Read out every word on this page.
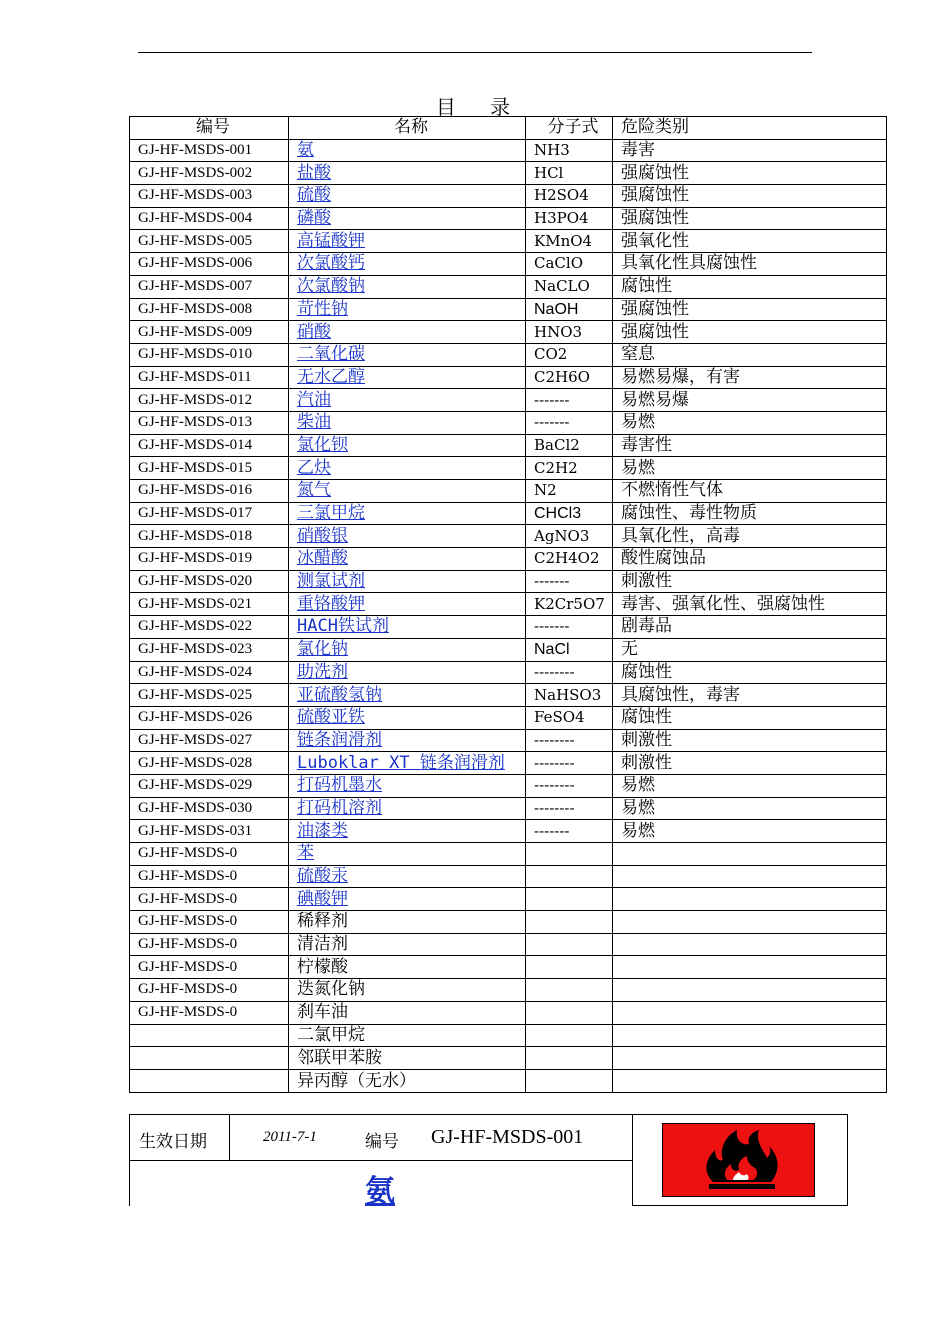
目 录
编号	名称	分子式	危险类别
GJ-HF-MSDS-001	氨	NH3	毒害
GJ-HF-MSDS-002	盐酸	HCl	强腐蚀性
GJ-HF-MSDS-003	硫酸	H2SO4	强腐蚀性
GJ-HF-MSDS-004	磷酸	H3PO4	强腐蚀性
GJ-HF-MSDS-005	高锰酸钾	KMnO4	强氧化性
GJ-HF-MSDS-006	次氯酸钙	CaClO	具氧化性具腐蚀性
GJ-HF-MSDS-007	次氯酸钠	NaCLO	腐蚀性
GJ-HF-MSDS-008	苛性钠	NaOH	强腐蚀性
GJ-HF-MSDS-009	硝酸	HNO3	强腐蚀性
GJ-HF-MSDS-010	二氧化碳	CO2	窒息
GJ-HF-MSDS-011	无水乙醇	C2H6O	易燃易爆，有害
GJ-HF-MSDS-012	汽油	-------	易燃易爆
GJ-HF-MSDS-013	柴油	-------	易燃
GJ-HF-MSDS-014	氯化钡	BaCl2	毒害性
GJ-HF-MSDS-015	乙炔	C2H2	易燃
GJ-HF-MSDS-016	氮气	N2	不燃惰性气体
GJ-HF-MSDS-017	三氯甲烷	CHCl3	腐蚀性、毒性物质
GJ-HF-MSDS-018	硝酸银	AgNO3	具氧化性，高毒
GJ-HF-MSDS-019	冰醋酸	C2H4O2	酸性腐蚀品
GJ-HF-MSDS-020	测氯试剂	-------	刺激性
GJ-HF-MSDS-021	重铬酸钾	K2Cr5O7	毒害、强氧化性、强腐蚀性
GJ-HF-MSDS-022	HACH铁试剂	-------	剧毒品
GJ-HF-MSDS-023	氯化钠	NaCl	无
GJ-HF-MSDS-024	助洗剂	--------	腐蚀性
GJ-HF-MSDS-025	亚硫酸氢钠	NaHSO3	具腐蚀性，毒害
GJ-HF-MSDS-026	硫酸亚铁	FeSO4	腐蚀性
GJ-HF-MSDS-027	链条润滑剂	--------	刺激性
GJ-HF-MSDS-028	Luboklar XT 链条润滑剂	--------	刺激性
GJ-HF-MSDS-029	打码机墨水	--------	易燃
GJ-HF-MSDS-030	打码机溶剂	--------	易燃
GJ-HF-MSDS-031	油漆类	-------	易燃
GJ-HF-MSDS-0	苯		
GJ-HF-MSDS-0	硫酸汞		
GJ-HF-MSDS-0	碘酸钾		
GJ-HF-MSDS-0	稀释剂		
GJ-HF-MSDS-0	清洁剂		
GJ-HF-MSDS-0	柠檬酸		
GJ-HF-MSDS-0	迭氮化钠		
GJ-HF-MSDS-0	刹车油		
	二氯甲烷		
	邻联甲苯胺		
	异丙醇（无水）		
生效日期	2011-7-1	编号 GJ-HF-MSDS-001
氨
